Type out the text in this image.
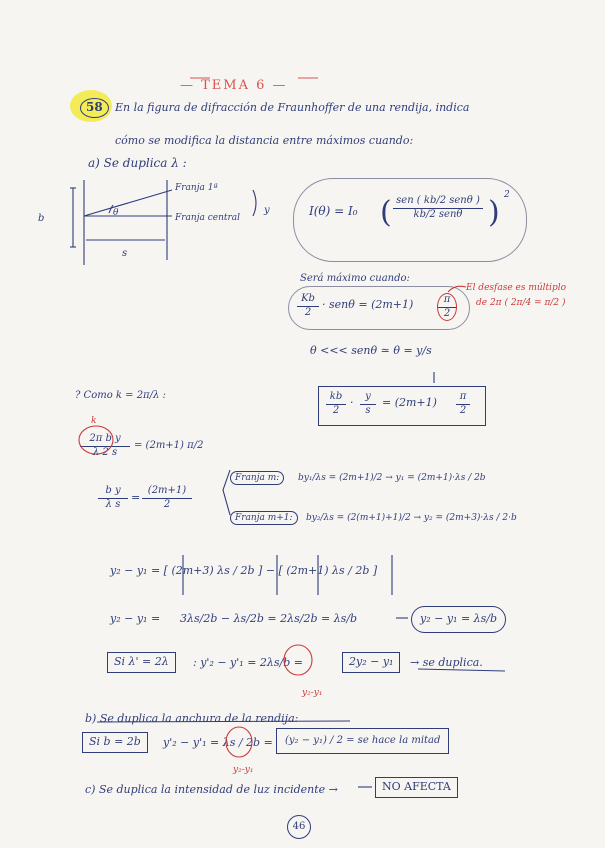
— TEMA 6 —
58	En la figura de difracción de Fraunhoffer de una rendija, indica
cómo se modifica la distancia entre máximos cuando:
a) Se duplica λ :
Franja 1ª
Franja central
b
s
θ	y	I(θ) = I₀
sen ( kb/2 senθ )
kb/2 senθ
(	) 2
Será máximo cuando:
$\frac{Kb}{2} \cdot sen\theta = (2m+1) \frac{\pi}{2}$
El desfase es múltiplo
de 2π ( 2π/4 = π/2 )
θ <<< senθ ≃ θ = y/s
$\frac{kb}{2} \cdot \frac{y}{s} = (2m+1) \frac{\pi}{2}$
? Como k = 2π/λ :
k
$\frac{\text{2π b y}}{\lambda 2 s} = (2m+1)$ π/2
$\frac{\text{b y}}{\text{λ s}} = \frac{(2m+1)}{2}$
Franja m:	by₁/λs = (2m+1)/2 → y₁ = (2m+1)·λs / 2b
Franja m+1:	by₂/λs = (2(m+1)+1)/2 → y₂ = (2m+3)·λs / 2·b
y₂ − y₁ = [ (2m+3) λs / 2b ] − [ (2m+1) λs / 2b ]
y₂ − y₁ = 3λs/2b − λs/2b = 2λs/2b = λs/b	y₂ − y₁ = λs/b
Si λ' = 2λ	: y'₂ − y'₁ = 2λs/b =	2y₂ − y₁	→ se duplica.
y₂-y₁
b) Se duplica la anchura de la rendija:
Si b = 2b	y'₂ − y'₁ = λs / 2b =	(y₂ − y₁) / 2 = se hace la mitad
y₂-y₁
c) Se duplica la intensidad de luz incidente →	NO AFECTA
46
